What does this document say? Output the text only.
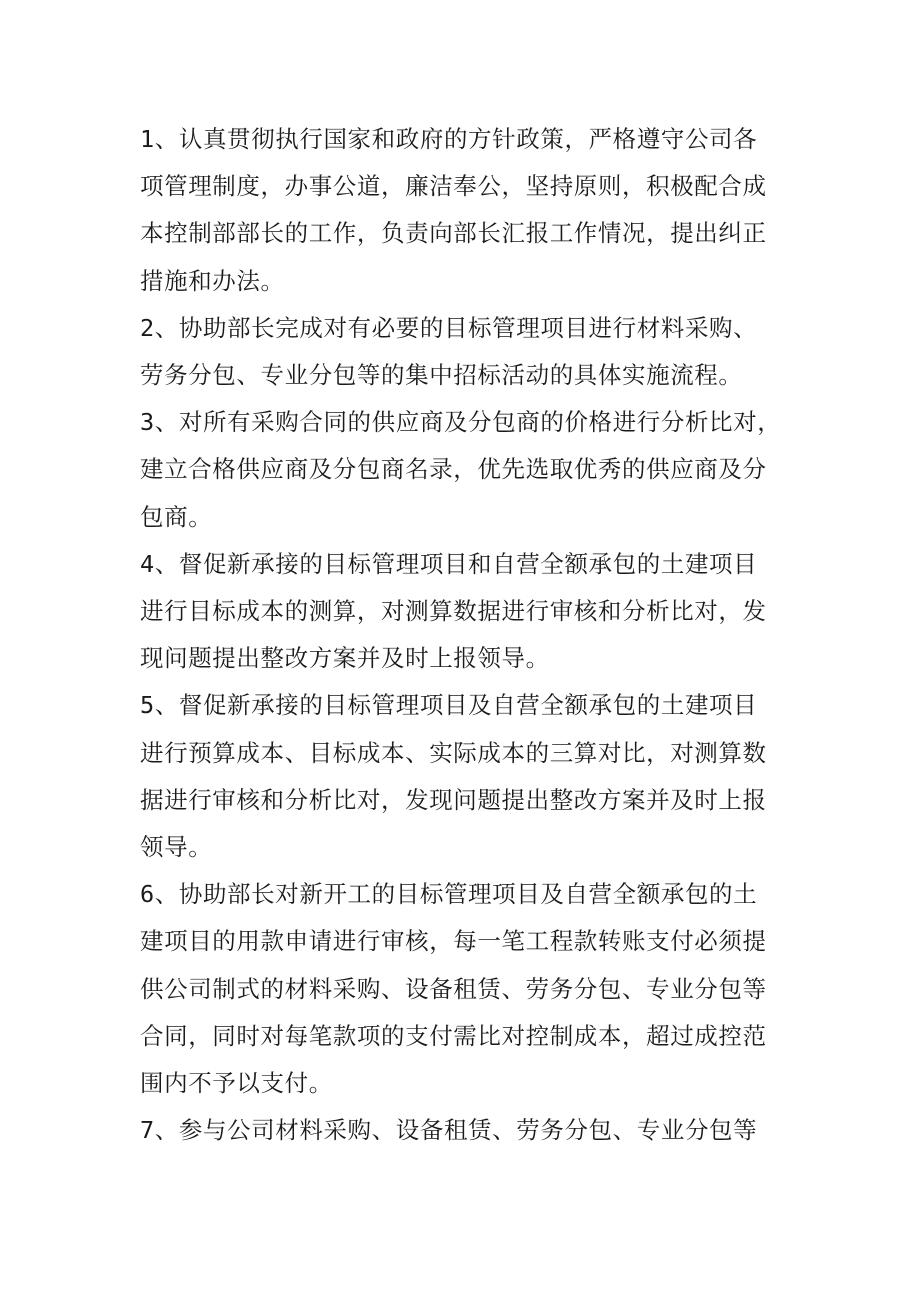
1、认真贯彻执行国家和政府的方针政策，严格遵守公司各
项管理制度，办事公道，廉洁奉公，坚持原则，积极配合成
本控制部部长的工作，负责向部长汇报工作情况，提出纠正
措施和办法。

2、协助部长完成对有必要的目标管理项目进行材料采购、
劳务分包、专业分包等的集中招标活动的具体实施流程。

3、对所有采购合同的供应商及分包商的价格进行分析比对，
建立合格供应商及分包商名录，优先选取优秀的供应商及分
包商。

4、督促新承接的目标管理项目和自营全额承包的土建项目
进行目标成本的测算，对测算数据进行审核和分析比对，发
现问题提出整改方案并及时上报领导。

5、督促新承接的目标管理项目及自营全额承包的土建项目
进行预算成本、目标成本、实际成本的三算对比，对测算数
据进行审核和分析比对，发现问题提出整改方案并及时上报
领导。

6、协助部长对新开工的目标管理项目及自营全额承包的土
建项目的用款申请进行审核，每一笔工程款转账支付必须提
供公司制式的材料采购、设备租赁、劳务分包、专业分包等
合同，同时对每笔款项的支付需比对控制成本，超过成控范
围内不予以支付。

7、参与公司材料采购、设备租赁、劳务分包、专业分包等
